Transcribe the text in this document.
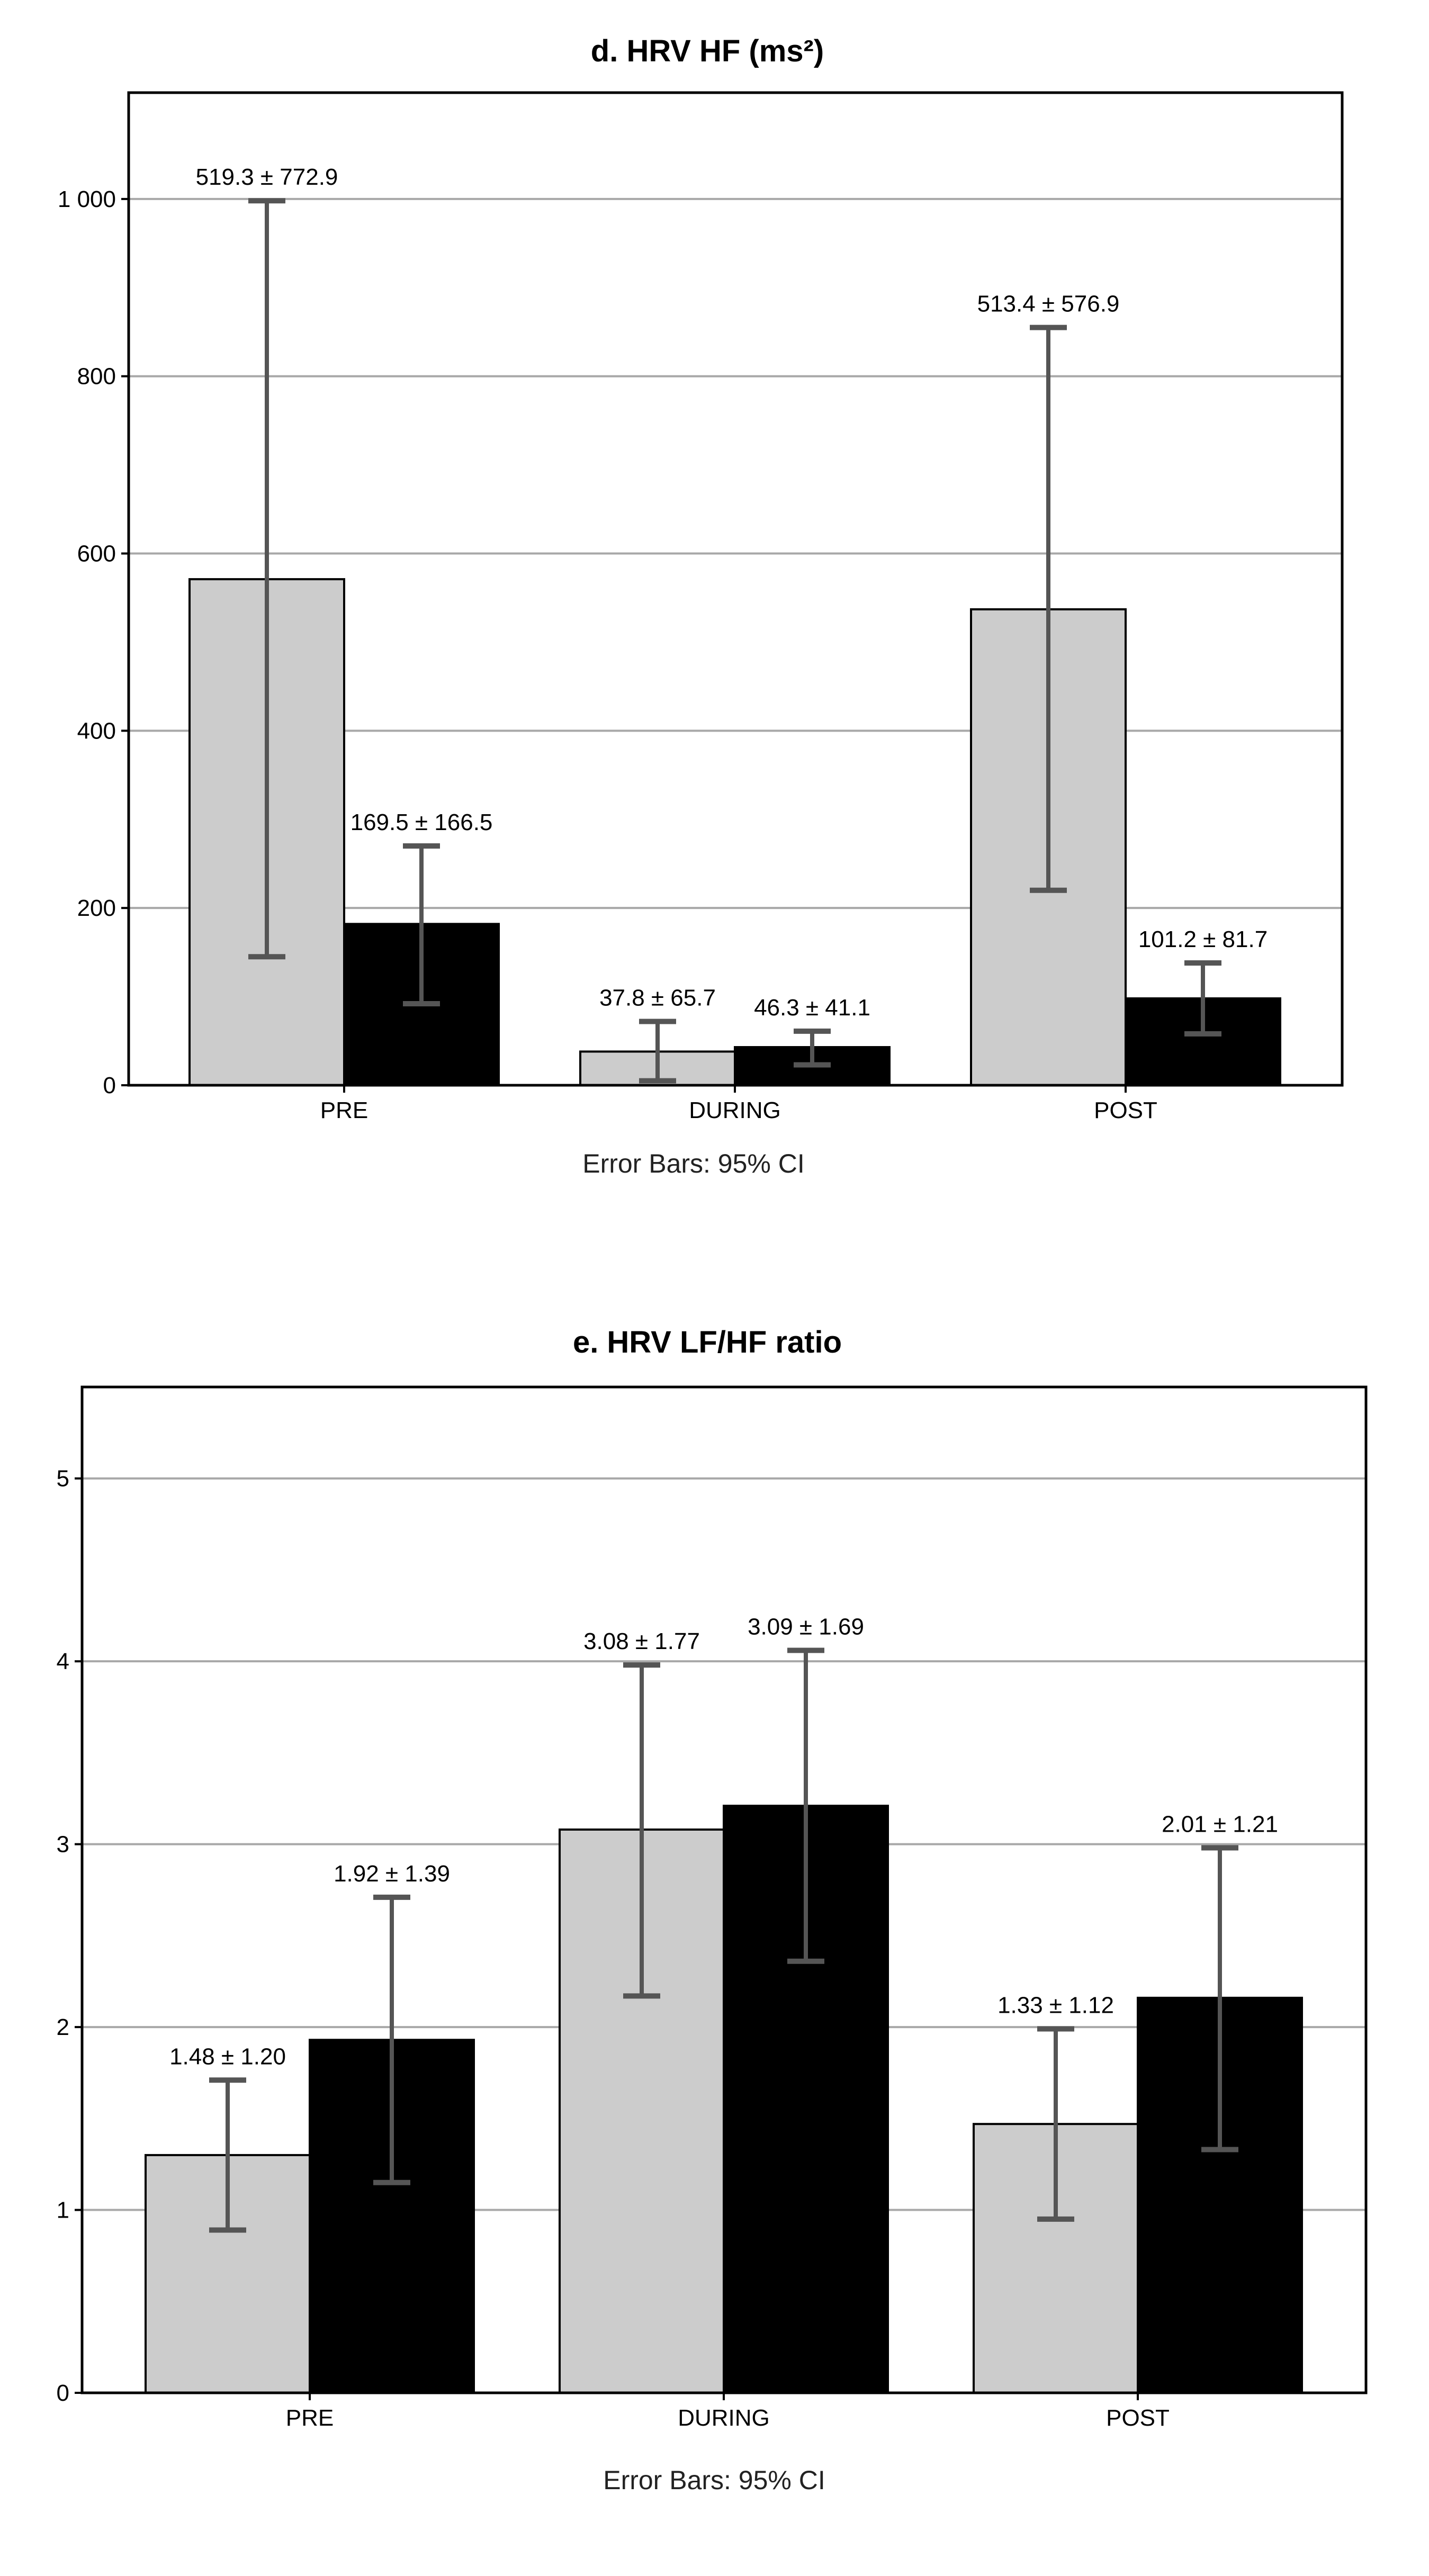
d. HRV HF (ms²)
Error Bars: 95% CI
0
200
400
600
800
1 000
519.3 ± 772.9
169.5 ± 166.5
PRE
37.8 ± 65.7 46.3 ± 41.1
DURING
513.4 ± 576.9
101.2 ± 81.7
POST
e. HRV LF/HF ratio
Error Bars: 95% CI
0
1
2
3
4
5
1.48 ± 1.20
1.92 ± 1.39
PRE
3.08 ± 1.77
3.09 ± 1.69
DURING
1.33 ± 1.12
2.01 ± 1.21
POST
